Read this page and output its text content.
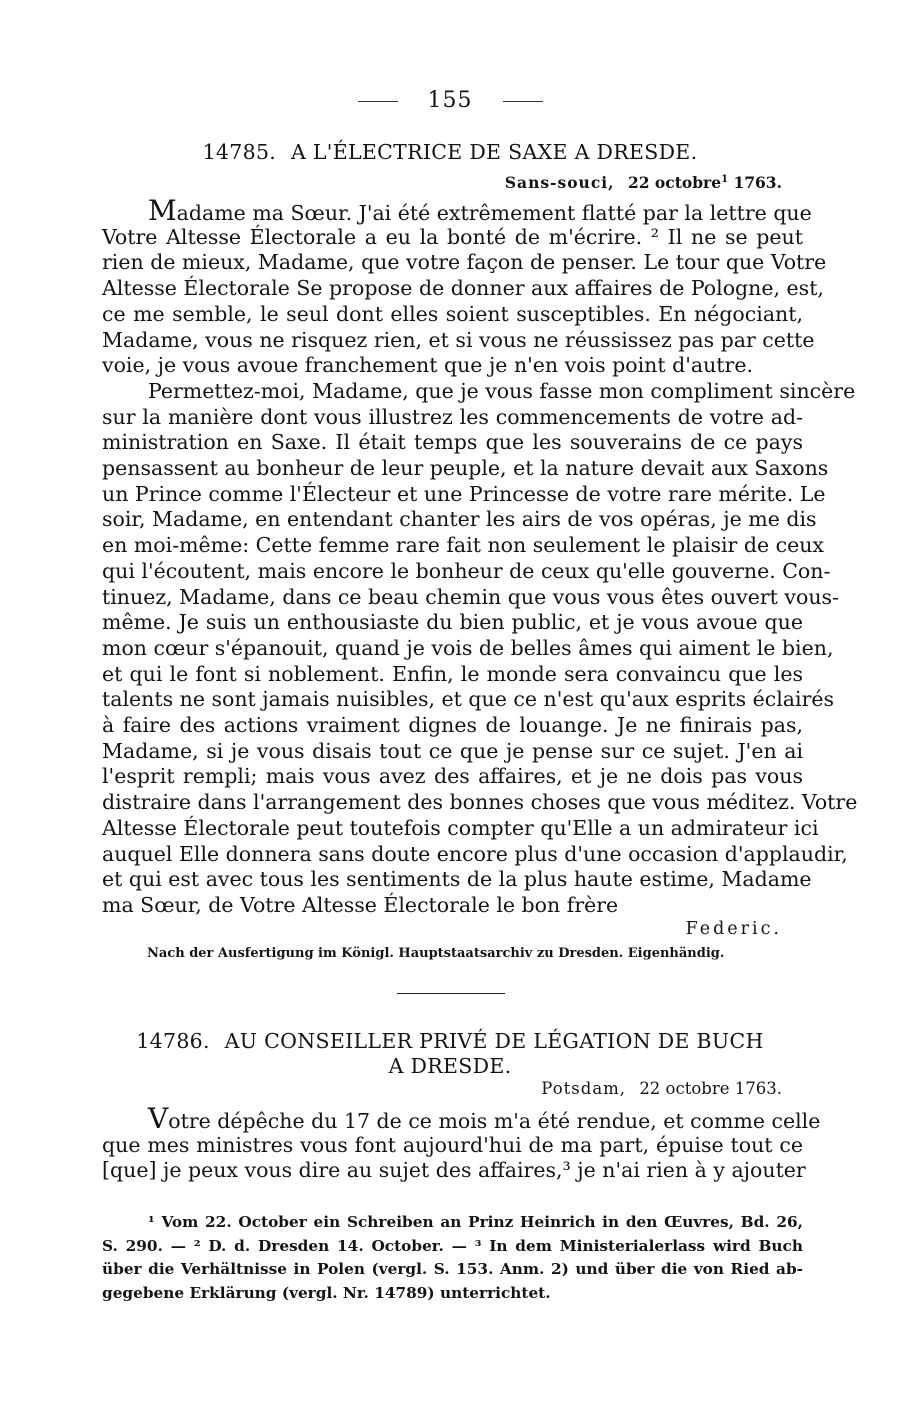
155
14785. A L'ÉLECTRICE DE SAXE A DRESDE.
Sans-souci, 22 octobre$^1$ 1763.
Madame ma Sœur. J'ai été extrêmement flatté par la lettre que
Votre Altesse Électorale a eu la bonté de m'écrire. ² Il ne se peut
rien de mieux, Madame, que votre façon de penser. Le tour que Votre
Altesse Électorale Se propose de donner aux affaires de Pologne, est,
ce me semble, le seul dont elles soient susceptibles. En négociant,
Madame, vous ne risquez rien, et si vous ne réussissez pas par cette
voie, je vous avoue franchement que je n'en vois point d'autre.
Permettez-moi, Madame, que je vous fasse mon compliment sincère
sur la manière dont vous illustrez les commencements de votre ad-
ministration en Saxe. Il était temps que les souverains de ce pays
pensassent au bonheur de leur peuple, et la nature devait aux Saxons
un Prince comme l'Électeur et une Princesse de votre rare mérite. Le
soir, Madame, en entendant chanter les airs de vos opéras, je me dis
en moi-même: Cette femme rare fait non seulement le plaisir de ceux
qui l'écoutent, mais encore le bonheur de ceux qu'elle gouverne. Con-
tinuez, Madame, dans ce beau chemin que vous vous êtes ouvert vous-
même. Je suis un enthousiaste du bien public, et je vous avoue que
mon cœur s'épanouit, quand je vois de belles âmes qui aiment le bien,
et qui le font si noblement. Enfin, le monde sera convaincu que les
talents ne sont jamais nuisibles, et que ce n'est qu'aux esprits éclairés
à faire des actions vraiment dignes de louange. Je ne finirais pas,
Madame, si je vous disais tout ce que je pense sur ce sujet. J'en ai
l'esprit rempli; mais vous avez des affaires, et je ne dois pas vous
distraire dans l'arrangement des bonnes choses que vous méditez. Votre
Altesse Électorale peut toutefois compter qu'Elle a un admirateur ici
auquel Elle donnera sans doute encore plus d'une occasion d'applaudir,
et qui est avec tous les sentiments de la plus haute estime, Madame
ma Sœur, de Votre Altesse Électorale le bon frère
Federic.
Nach der Ausfertigung im Königl. Hauptstaatsarchiv zu Dresden. Eigenhändig.
14786. AU CONSEILLER PRIVÉ DE LÉGATION DE BUCH
A DRESDE.
Potsdam, 22 octobre 1763.
Votre dépêche du 17 de ce mois m'a été rendue, et comme celle
que mes ministres vous font aujourd'hui de ma part, épuise tout ce
[que] je peux vous dire au sujet des affaires,³ je n'ai rien à y ajouter
¹ Vom 22. October ein Schreiben an Prinz Heinrich in den Œuvres, Bd. 26,
S. 290. — ² D. d. Dresden 14. October. — ³ In dem Ministerialerlass wird Buch
über die Verhältnisse in Polen (vergl. S. 153. Anm. 2) und über die von Ried ab-
gegebene Erklärung (vergl. Nr. 14789) unterrichtet.
